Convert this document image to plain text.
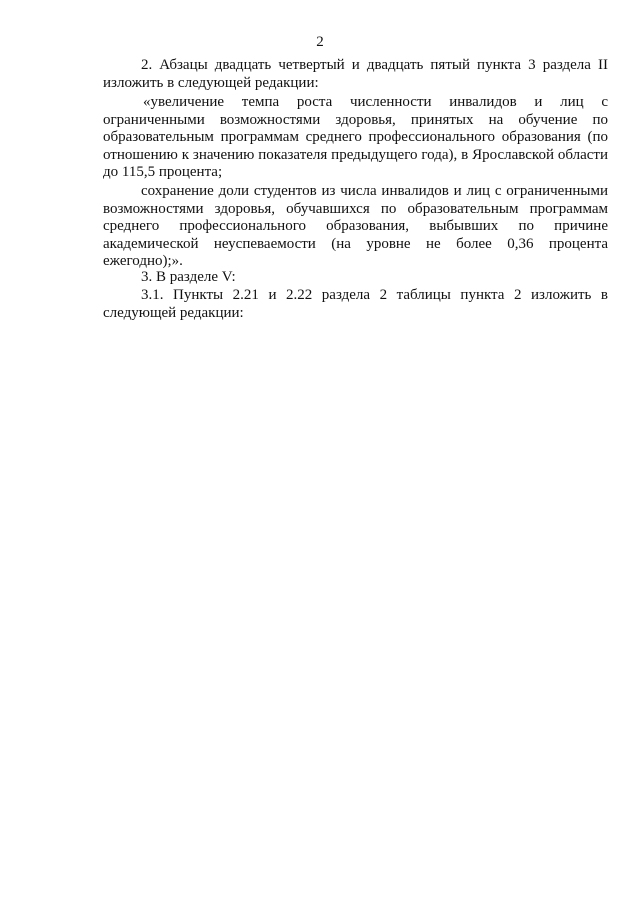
2

2. Абзацы двадцать четвертый и двадцать пятый пункта 3 раздела II изложить в следующей редакции:

«увеличение темпа роста численности инвалидов и лиц с ограниченными возможностями здоровья, принятых на обучение по образовательным программам среднего профессионального образования (по отношению к значению показателя предыдущего года), в Ярославской области до 115,5 процента;

сохранение доли студентов из числа инвалидов и лиц с ограниченными возможностями здоровья, обучавшихся по образовательным программам среднего профессионального образования, выбывших по причине академической неуспеваемости (на уровне не более 0,36 процента ежегодно);».

3. В разделе V:

3.1. Пункты 2.21 и 2.22 раздела 2 таблицы пункта 2 изложить в следующей редакции:
